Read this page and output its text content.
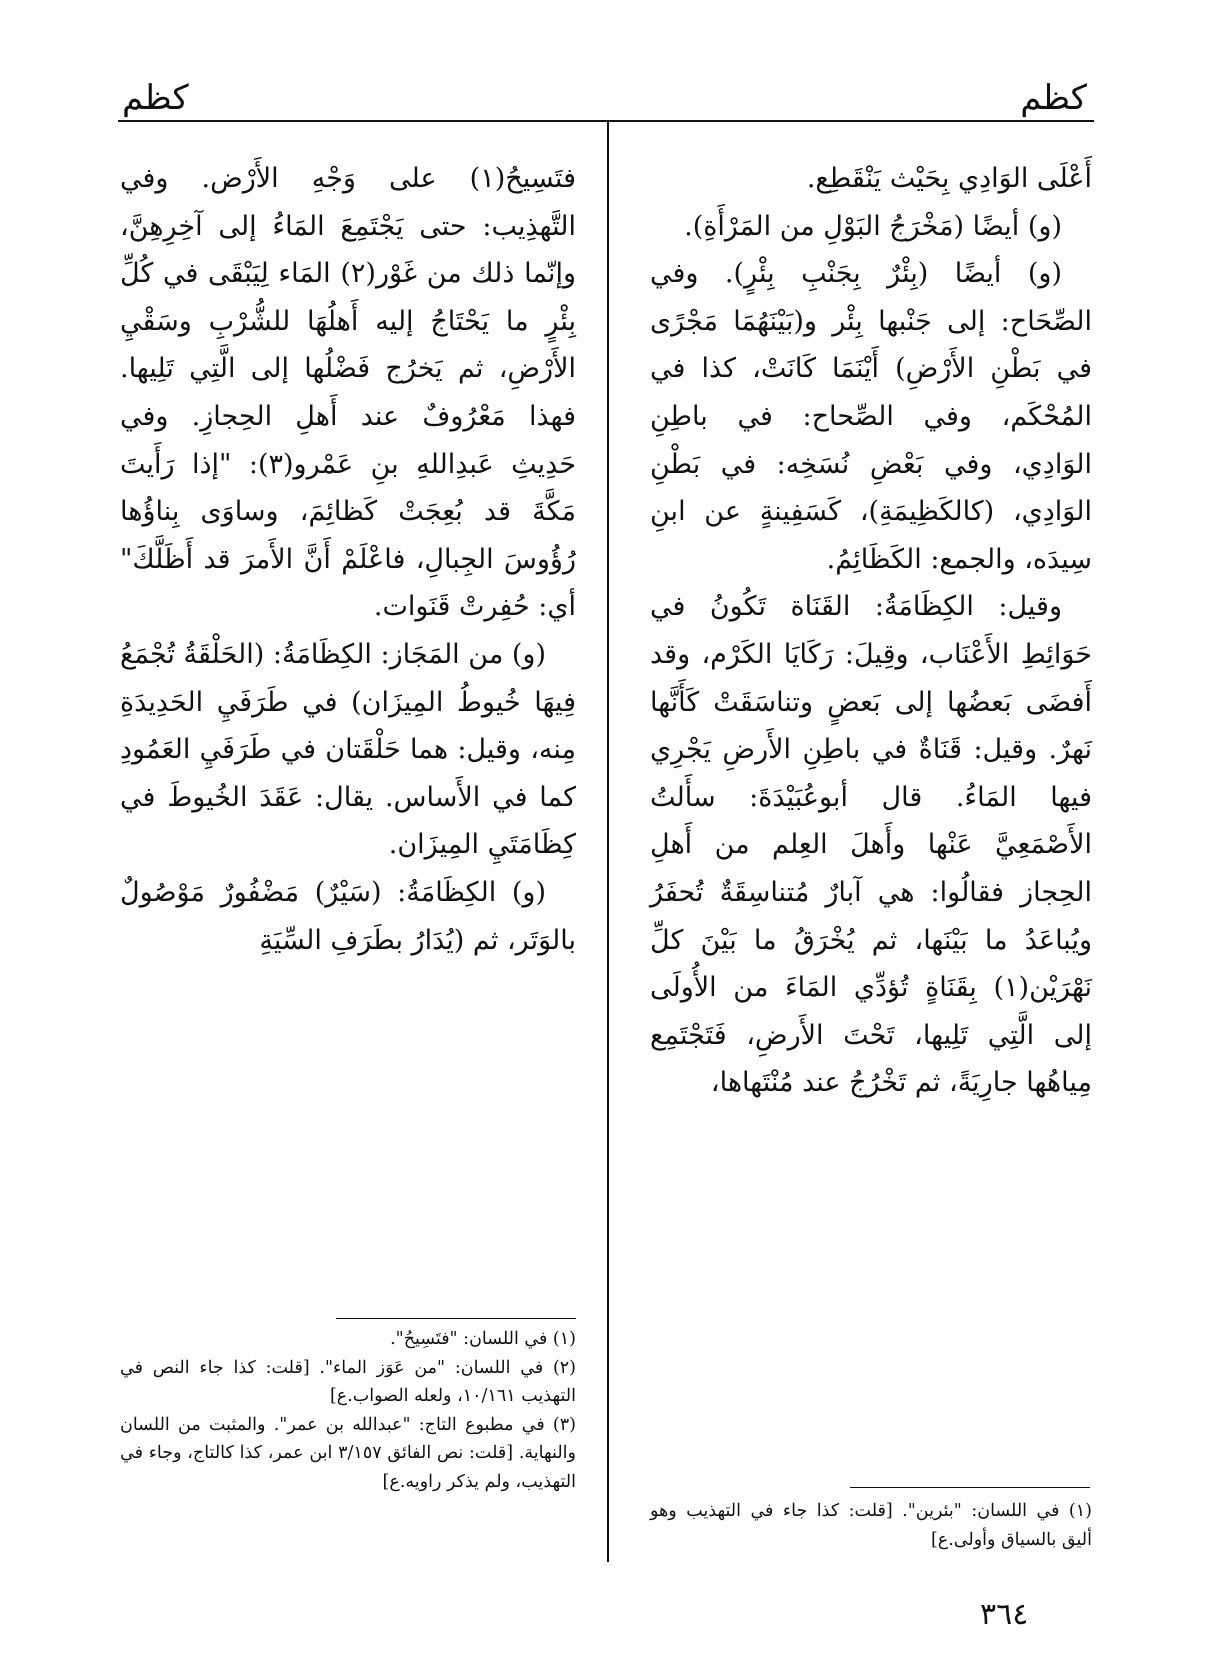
كظم
كظم

أَعْلَى الوَادِي بِحَيْث يَنْقَطِع.

(و) أيضًا (مَخْرَجُ البَوْلِ من المَرْأَةِ).

(و) أيضًا (بِئْرٌ بِجَنْبِ بِئْرٍ). وفي الصِّحَاح: إلى جَنْبها بِئْر و(بَيْنَهُمَا مَجْرًى في بَطْنِ الأَرْضِ) أَيْنَمَا كَانَتْ، كذا في المُحْكَم، وفي الصِّحاح: في باطِنِ الوَادِي، وفي بَعْضِ نُسَخِه: في بَطْنِ الوَادِي، (كالكَظِيمَةِ)، كَسَفِينةٍ عن ابنِ سِيدَه، والجمع: الكَظَائِمُ.

وقيل: الكِظَامَةُ: القَنَاة تَكُونُ في حَوَائِطِ الأَعْنَاب، وقِيلَ: رَكَايَا الكَرْم، وقد أَفضَى بَعضُها إلى بَعضٍ وتناسَقَتْ كَأَنَّها نَهرٌ. وقيل: قَنَاةٌ في باطِنِ الأَرضِ يَجْرِي فيها المَاءُ. قال أبوعُبَيْدَةَ: سأَلتُ الأَصْمَعِيَّ عَنْها وأَهلَ العِلم من أَهلِ الحِجاز فقالُوا: هي آبارٌ مُتناسِقَةٌ تُحفَرُ ويُباعَدُ ما بَيْنَها، ثم يُخْرَقُ ما بَيْنَ كلِّ نَهْرَيْن(١) بِقَنَاةٍ تُؤدِّي المَاءَ من الأُولَى إلى الَّتِي تَلِيها، تَحْتَ الأَرضِ، فَتَجْتَمِع مِياهُها جارِيَةً، ثم تَخْرُجُ عند مُنْتَهاها،

فتَسِيحُ(١) على وَجْهِ الأَرْض. وفي التَّهذِيب: حتى يَجْتَمِعَ المَاءُ إلى آخِرِهِنَّ، وإنّما ذلك من غَوْر(٢) المَاء لِيَبْقَى في كُلِّ بِئْرٍ ما يَحْتَاجُ إليه أَهلُهَا للشُّرْبِ وسَقْيِ الأَرْضِ، ثم يَخرُج فَضْلُها إلى الَّتِي تَلِيها. فهذا مَعْرُوفٌ عند أَهلِ الحِجازِ. وفي حَدِيثِ عَبدِاللهِ بنِ عَمْرو(٣): "إذا رَأَيتَ مَكَّةَ قد بُعِجَتْ كَظائِمَ، وساوَى بِناؤُها رُؤُوسَ الجِبالِ، فاعْلَمْ أَنَّ الأَمرَ قد أَظَلَّكَ" أي: حُفِرتْ قَنَوات.

(و) من المَجَاز: الكِظَامَةُ: (الحَلْقَةُ تُجْمَعُ فِيهَا خُيوطُ المِيزَان) في طَرَفَيِ الحَدِيدَةِ مِنه، وقيل: هما حَلْقَتان في طَرَفَيِ العَمُودِ كما في الأَساس. يقال: عَقَدَ الخُيوطَ في كِظَامَتَيِ المِيزَان.

(و) الكِظَامَةُ: (سَيْرٌ) مَضْفُورٌ مَوْصُولٌ بالوَتَر، ثم (يُدَارُ بطَرَفِ السِّيَةِ

(١) في اللسان: "بئرين". [قلت: كذا جاء في التهذيب وهو أليق بالسياق وأولى.ع]

(١) في اللسان: "فتَسِيحُ".

(٢) في اللسان: "من عَوَز الماء". [قلت: كذا جاء النص في التهذيب ١٠/١٦١، ولعله الصواب.ع]

(٣) في مطبوع التاج: "عبدالله بن عمر". والمثبت من اللسان والنهاية. [قلت: نص الفائق ٣/١٥٧ ابن عمر، كذا كالتاج، وجاء في التهذيب، ولم يذكر راويه.ع]

٣٦٤
